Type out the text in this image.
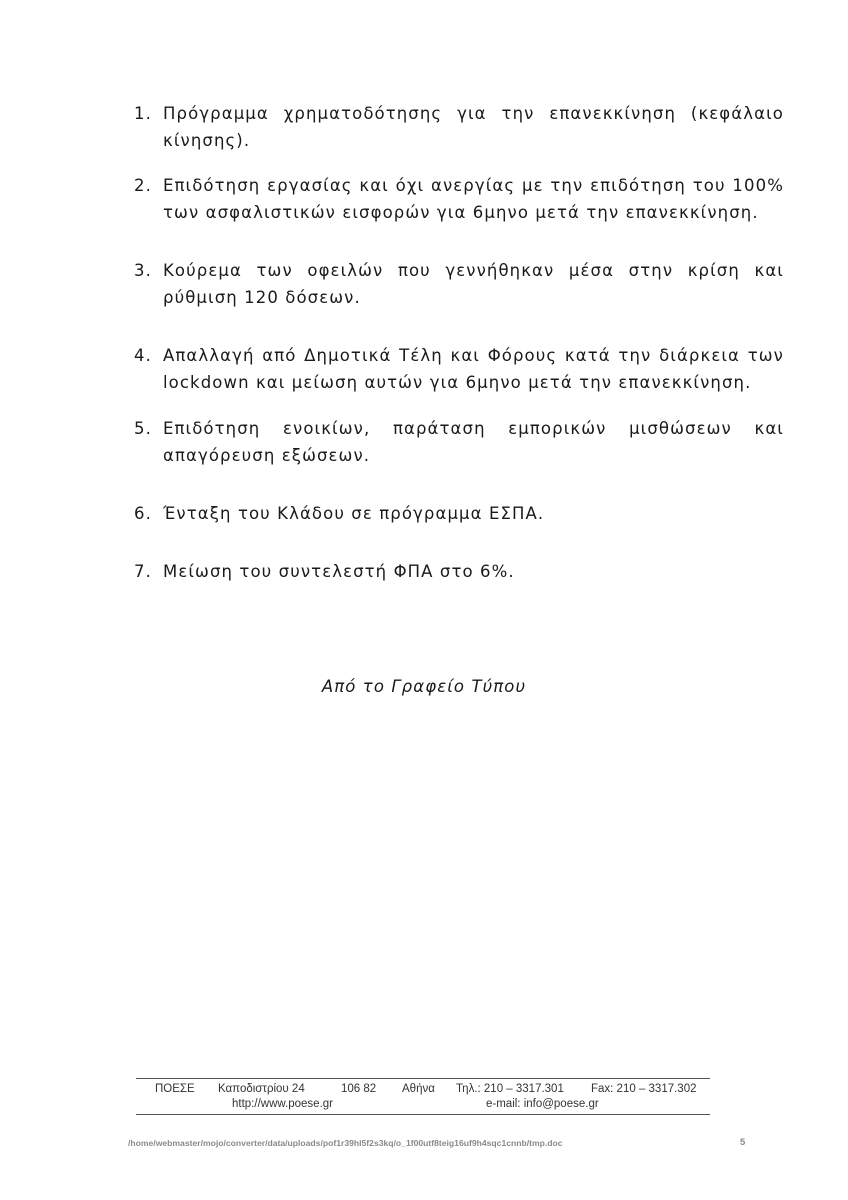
1. Πρόγραμμα χρηματοδότησης για την επανεκκίνηση (κεφάλαιο κίνησης).
2. Επιδότηση εργασίας και όχι ανεργίας με την επιδότηση του 100% των ασφαλιστικών εισφορών για 6μηνο μετά την επανεκκίνηση.
3. Κούρεμα των οφειλών που γεννήθηκαν μέσα στην κρίση και ρύθμιση 120 δόσεων.
4. Απαλλαγή από Δημοτικά Τέλη και Φόρους κατά την διάρκεια των lockdown και μείωση αυτών για 6μηνο μετά την επανεκκίνηση.
5. Επιδότηση ενοικίων, παράταση εμπορικών μισθώσεων και απαγόρευση εξώσεων.
6. Ένταξη του Κλάδου σε πρόγραμμα ΕΣΠΑ.
7. Μείωση του συντελεστή ΦΠΑ στο 6%.
Από το Γραφείο Τύπου
ΠΟΕΣΕ Καποδιστρίου 24	106 82 Αθήνα Τηλ.: 210 – 3317.301 Fax: 210 – 3317.302
http://www.poese.gr	e-mail: info@poese.gr
/home/webmaster/mojo/converter/data/uploads/pof1r39hl5f2s3kq/o_1f00utf8teig16uf9h4sqc1cnnb/tmp.doc	5
